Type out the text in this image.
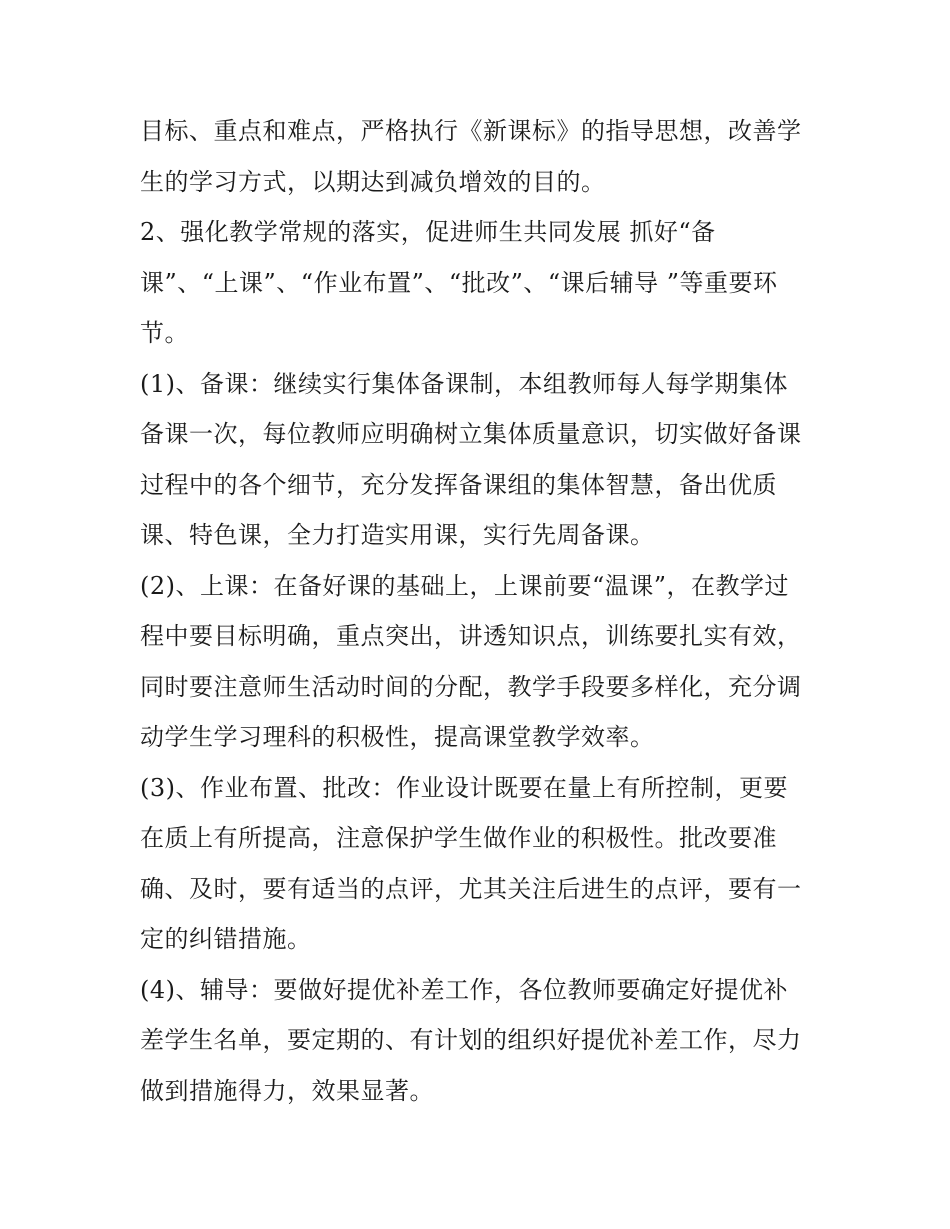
目标、重点和难点，严格执行《新课标》的指导思想，改善学
生的学习方式，以期达到减负增效的目的。
2、强化教学常规的落实，促进师生共同发展 抓好“备
课”、“上课”、“作业布置”、“批改”、“课后辅导 ”等重要环
节。
(1)、备课：继续实行集体备课制，本组教师每人每学期集体
备课一次，每位教师应明确树立集体质量意识，切实做好备课
过程中的各个细节，充分发挥备课组的集体智慧，备出优质
课、特色课，全力打造实用课，实行先周备课。
(2)、上课：在备好课的基础上，上课前要“温课”，在教学过
程中要目标明确，重点突出，讲透知识点，训练要扎实有效，
同时要注意师生活动时间的分配，教学手段要多样化，充分调
动学生学习理科的积极性，提高课堂教学效率。
(3)、作业布置、批改：作业设计既要在量上有所控制，更要
在质上有所提高，注意保护学生做作业的积极性。批改要准
确、及时，要有适当的点评，尤其关注后进生的点评，要有一
定的纠错措施。
(4)、辅导：要做好提优补差工作，各位教师要确定好提优补
差学生名单，要定期的、有计划的组织好提优补差工作，尽力
做到措施得力，效果显著。
